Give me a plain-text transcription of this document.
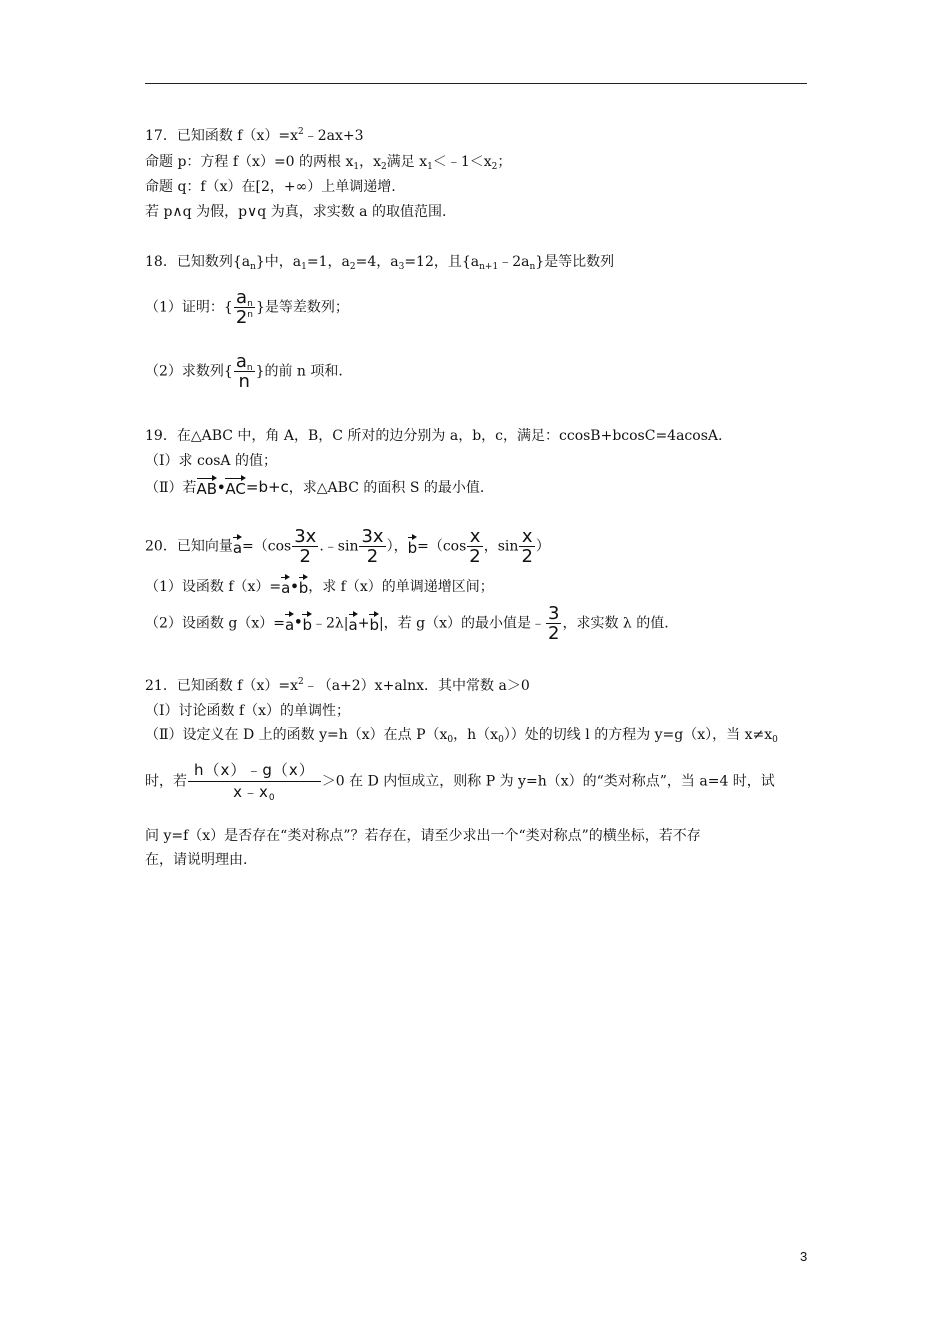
17．已知函数 $f(x)=x^2﹣2ax+3$
命题 p：方程 f（x）=0 的两根 $x_1$，$x_2$满足 $x_1<﹣1<x_2$；
命题 q：f（x）在[2，+∞）上单调递增.
若 p∧q 为假，p∨q 为真，求实数 a 的取值范围.
18．已知数列$\{a_n\}$中，$a_1=1$，$a_2=4$，$a_3=12$，且$\{a_{n+1}﹣2a_n\}$是等比数列
（1）证明：{ $\frac{a_n}{2^n}$ }是等差数列；
（2）求数列{ $\frac{a_n}{n}$ }的前 n 项和.
19．在△ABC 中，角 A，B，C 所对的边分别为 a，b，c，满足：ccosB+bcosC=4acosA.
（Ⅰ）求 cosA 的值；
（Ⅱ）若AB•AC=b+c，求△ABC 的面积 S 的最小值.
20．已知向量$a=(\cos \frac{3x}{2}$ .﹣sin $\frac{3x}{2}$ ），$b=(\cos \frac{x}{2}$ ，$\sin \frac{x}{2}$ ）
（1）设函数 f（x）=a•b，求 f（x）的单调递增区间；
（2）设函数 g（x）=a•b﹣2λ|a+b|，若 g（x）的最小值是﹣ $\frac{3}{2}$ ，求实数 λ 的值.
21．已知函数 $f(x)=x^2﹣(a+2)x+alnx$．其中常数 a＞0
（Ⅰ）讨论函数 f（x）的单调性；
（Ⅱ）设定义在 D 上的函数 y=h（x）在点 $P(x_0$，$h(x_0)$）处的切线 l 的方程为 y=g（x），当 $x\ne x_0$
时，若 $\frac{h(x)﹣g(x)}{x﹣x_0} >0$ 在 D 内恒成立，则称 P 为 y=h（x）的“类对称点”，当 a=4 时，试
问 y=f（x）是否存在“类对称点”？若存在，请至少求出一个“类对称点”的横坐标，若不存
在，请说明理由.
3
